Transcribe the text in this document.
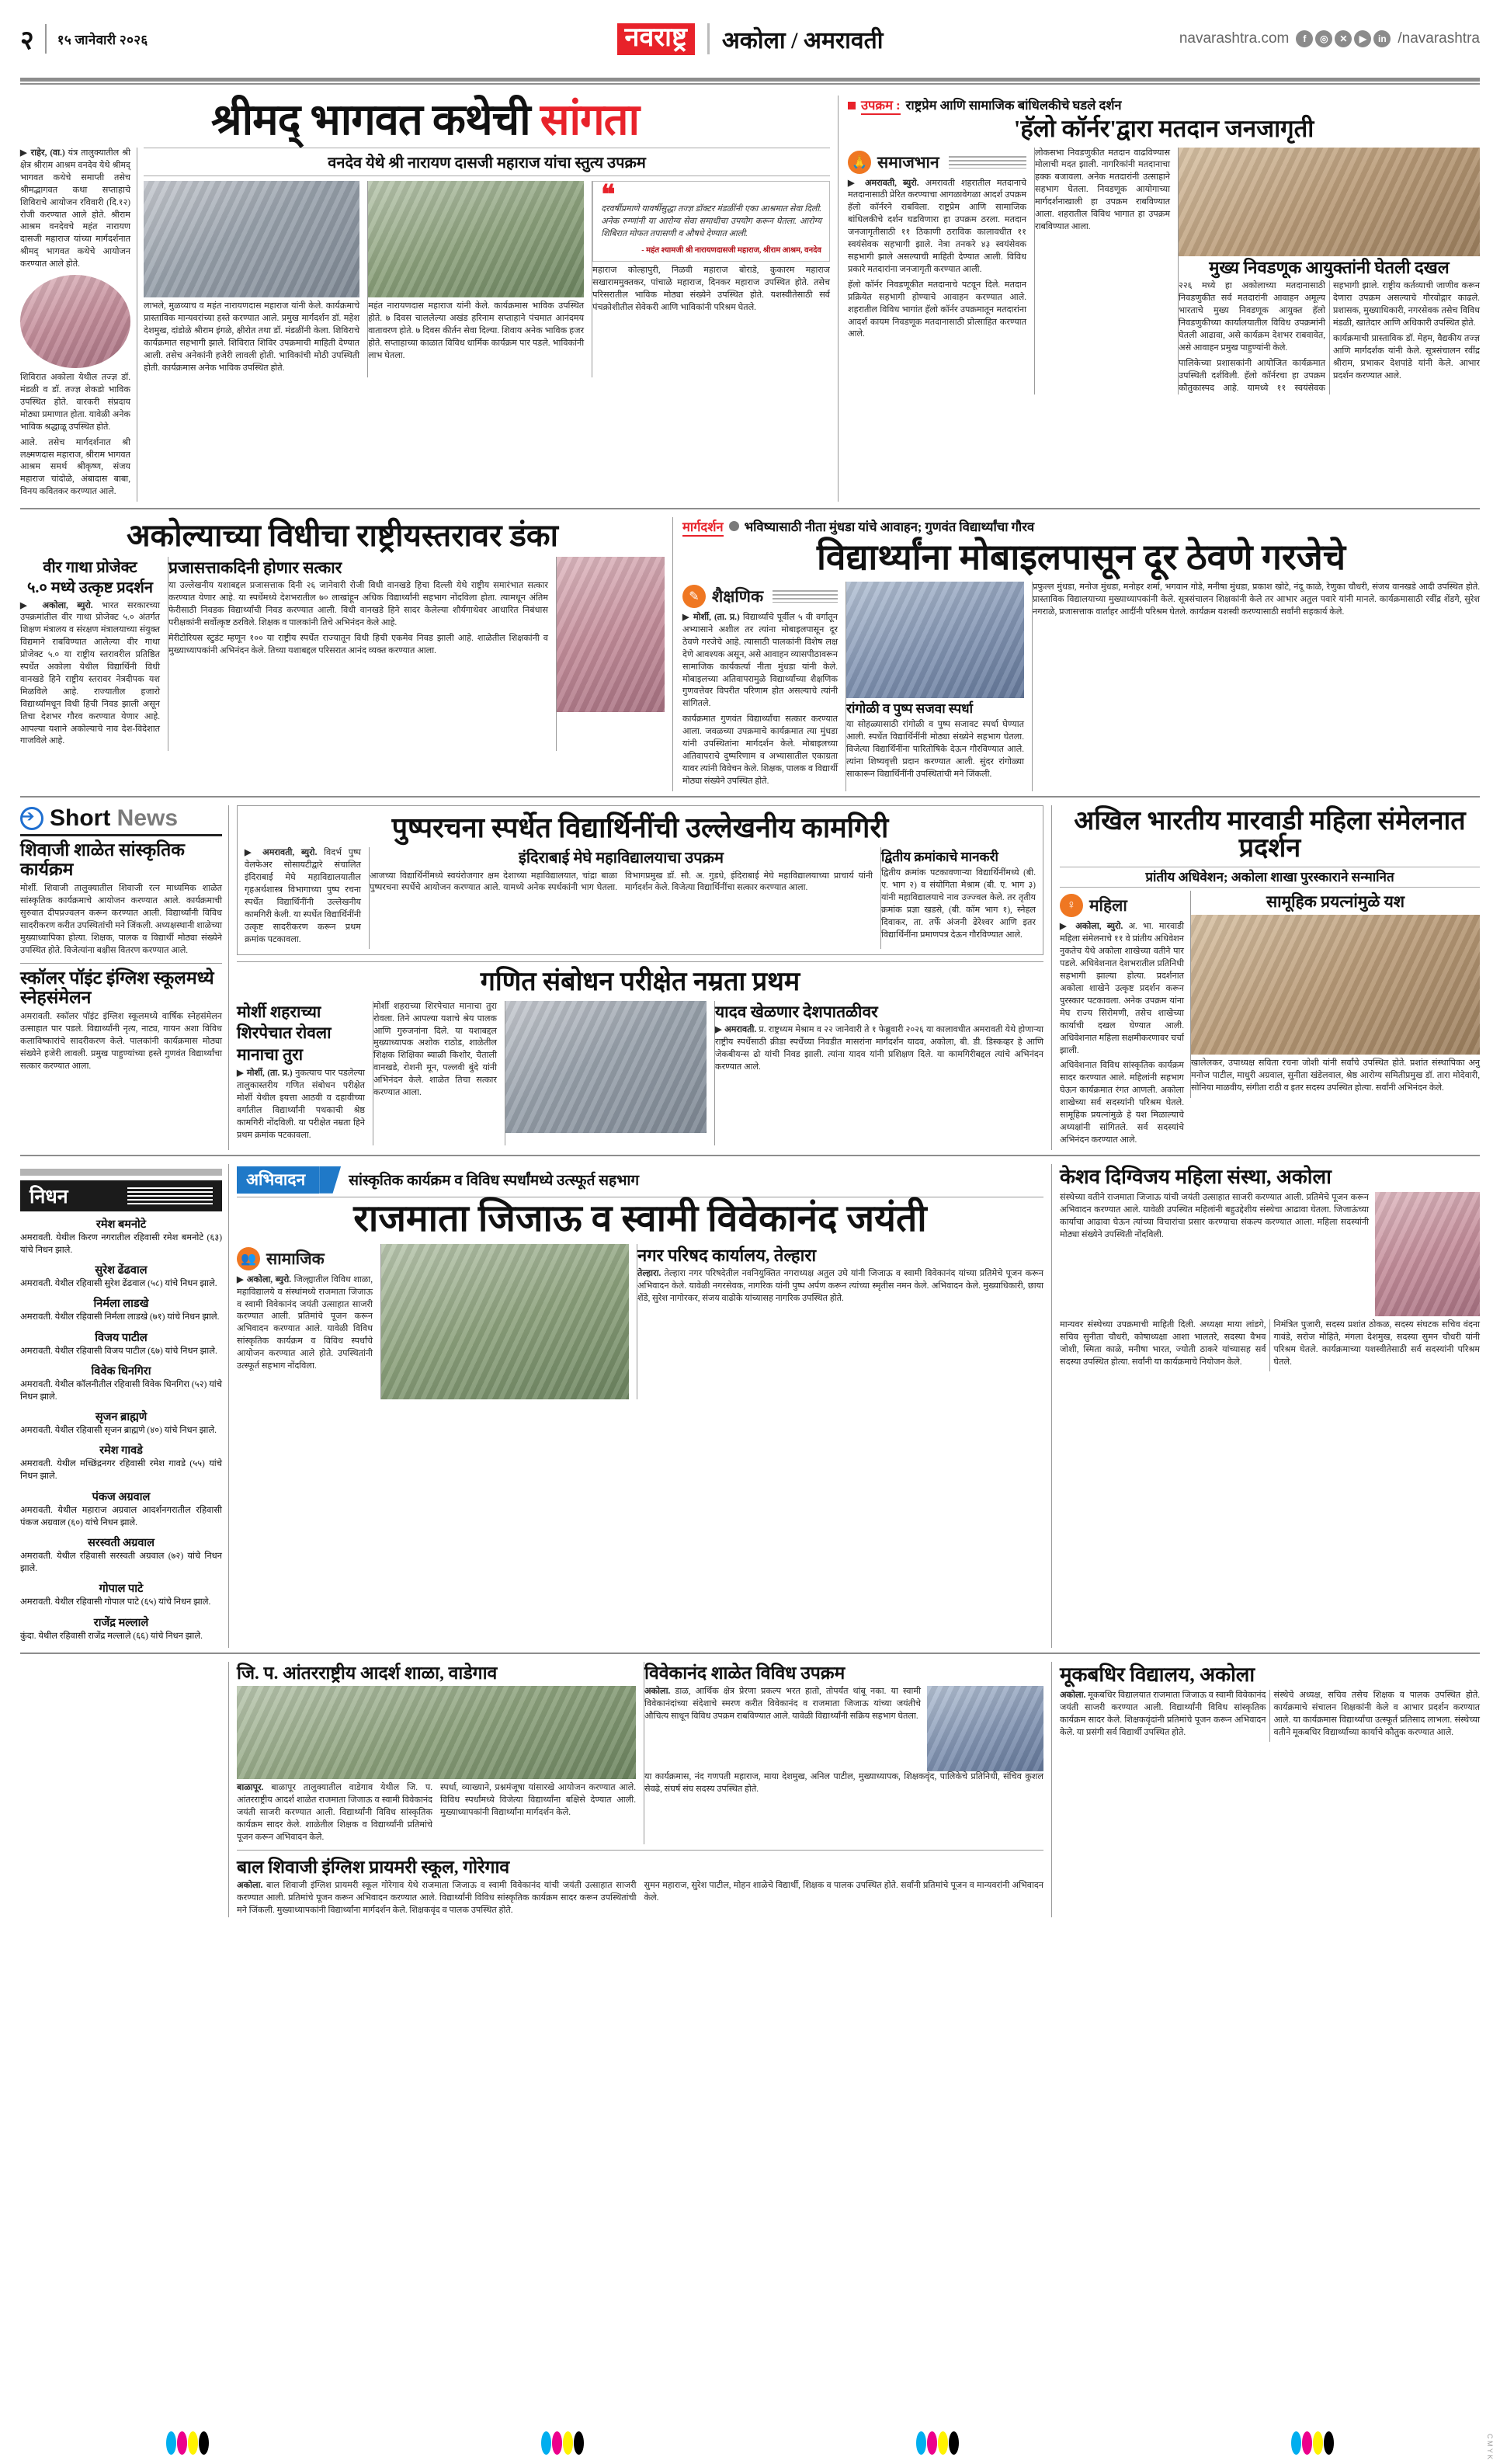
२ १५ जानेवारी २०२६	नवराष्ट्र	अकोला / अमरावती	navarashtra.com	f	◎	✕	▶	in /navarashtra
श्रीमद् भागवत कथेची सांगता

▶ राहेर, (वा.) यंत्र तालुक्यातील श्री क्षेत्र श्रीराम आश्रम वनदेव येथे श्रीमद् भागवत कथेचे समाप्ती तसेच श्रीमद्भागवत कथा सप्ताहाचे शिविराचे आयोजन रविवारी (दि.१२) रोजी करण्यात आले होते. श्रीराम आश्रम वनदेवचे महंत नारायण दासजी महाराज यांच्या मार्गदर्शनात श्रीमद् भागवत कथेचे आयोजन करण्यात आले होते.

शिविरात अकोला येथील तज्ज्ञ डॉ. मंडळी व डॉ. तज्ज्ञ शेकडो भाविक उपस्थित होते. वारकरी संप्रदाय मोठ्या प्रमाणात होता. यावेळी अनेक भाविक श्रद्धाळू उपस्थित होते.

आले. तसेच मार्गदर्शनात श्री लक्ष्मणदास महाराज, श्रीराम भागवत आश्रम समर्थ श्रीकृष्ण, संजय महाराज चांदोळे, अंबादास बाबा, विनय कवितकर करण्यात आले.

वनदेव येथे श्री नारायण दासजी महाराज यांचा स्तुत्य उपक्रम

लाभले, मुळव्याच व महंत नारायणदास महाराज यांनी केले. कार्यक्रमाचे प्रास्ताविक मान्यवरांच्या हस्ते करण्यात आले. प्रमुख मार्गदर्शन डॉ. महेश देशमुख, दांडोळे श्रीराम इंगळे, क्षीरोत तथा डॉ. मंडळींनी केला. शिविराचे कार्यक्रमात सहभागी झाले. शिविरात शिविर उपक्रमाची माहिती देण्यात आली. तसेच अनेकांनी हजेरी लावली होती. भाविकांची मोठी उपस्थिती होती. कार्यक्रमास अनेक भाविक उपस्थित होते.

महंत नारायणदास महाराज यांनी केले. कार्यक्रमास भाविक उपस्थित होते. ७ दिवस चाललेल्या अखंड हरिनाम सप्ताहाने पंचमात आनंदमय वातावरण होते. ७ दिवस कीर्तन सेवा दिल्या. शिवाय अनेक भाविक हजर होते. सप्ताहाच्या काळात विविध धार्मिक कार्यक्रम पार पडले. भाविकांनी लाभ घेतला.

❝
दरवर्षीप्रमाणे यावर्षीसुद्धा तज्ज्ञ डॉक्टर मंडळींनी एका आश्रमात सेवा दिली. अनेक रुग्णांनी या आरोग्य सेवा समाधीचा उपयोग करून घेतला. आरोग्य शिबिरात मोफत तपासणी व औषधे देण्यात आली.
- महंत श्यामजी श्री नारायणदासजी महाराज, श्रीराम आश्रम, वनदेव

महाराज कोल्हापुरी, निळवी महाराज बोराडे, कुकारम महाराज सखाराममुक्तकर, पांचाळे महाराज, दिनकर महाराज उपस्थित होते. तसेच परिसरातील भाविक मोठ्या संख्येने उपस्थित होते. यशस्वीतेसाठी सर्व पंचक्रोशीतील सेवेकरी आणि भाविकांनी परिश्रम घेतले.

उपक्रम : राष्ट्रप्रेम आणि सामाजिक बांधिलकीचे घडले दर्शन
'हॅलो कॉर्नर'द्वारा मतदान जनजागृती
🙏 समाजभान

▶ अमरावती, ब्युरो. अमरावती शहरातील मतदानाचे मतदानासाठी प्रेरित करण्याचा आगळावेगळा आदर्श उपक्रम हॅलो कॉर्नरने राबविला. राष्ट्रप्रेम आणि सामाजिक बांधिलकीचे दर्शन घडविणारा हा उपक्रम ठरला. मतदान जनजागृतीसाठी ११ ठिकाणी ठराविक कालावधीत ११ स्वयंसेवक सहभागी झाले. नेत्रा तनकरे ४३ स्वयंसेवक सहभागी झाले असल्याची माहिती देण्यात आली. विविध प्रकारे मतदारांना जनजागृती करण्यात आली.

हॅलो कॉर्नर निवडणूकीत मतदानाचे पटवून दिले. मतदान प्रक्रियेत सहभागी होण्याचे आवाहन करण्यात आले. शहरातील विविध भागांत हॅलो कॉर्नर उपक्रमातून मतदारांना आदर्श कायम निवडणूक मतदानासाठी प्रोत्साहित करण्यात आले.

लोकसभा निवडणुकीत मतदान वाढविण्यास मोलाची मदत झाली. नागरिकांनी मतदानाचा हक्क बजावला. अनेक मतदारांनी उत्साहाने सहभाग घेतला. निवडणूक आयोगाच्या मार्गदर्शनाखाली हा उपक्रम राबविण्यात आला. शहरातील विविध भागात हा उपक्रम राबविण्यात आला.

मुख्य निवडणूक आयुक्तांनी घेतली दखल

२२६ मध्ये हा अकोलाच्या मतदानासाठी निवडणुकीत सर्व मतदारांनी आवाहन अमूल्य भारताचे मुख्य निवडणूक आयुक्त हॅलो निवडणुकीच्या कार्यालयातील विविध उपक्रमांनी घेतली आढावा, असे कार्यक्रम देशभर राबवावेत, असे आवाहन प्रमुख पाहुण्यांनी केले.

पालिकेच्या प्रशासकांनी आयोजित कार्यक्रमात उपस्थिती दर्शविली. हॅलो कॉर्नरचा हा उपक्रम कौतुकास्पद आहे. यामध्ये ११ स्वयंसेवक सहभागी झाले. राष्ट्रीय कर्तव्याची जाणीव करून देणारा उपक्रम असल्याचे गौरवोद्गार काढले. प्रशासक, मुख्याधिकारी, नगरसेवक तसेच विविध मंडळी, खातेदार आणि अधिकारी उपस्थित होते.

कार्यक्रमाची प्रास्ताविक डॉ. मेहम, वैद्यकीय तज्ज्ञ आणि मार्गदर्शक यांनी केले. सूत्रसंचालन रवींद्र श्रीराम, प्रभाकर देशपांडे यांनी केले. आभार प्रदर्शन करण्यात आले.

अकोल्याच्या विधीचा राष्ट्रीयस्तरावर डंका
वीर गाथा प्रोजेक्ट
५.० मध्ये उत्कृष्ट प्रदर्शन

▶ अकोला, ब्युरो. भारत सरकारच्या उपक्रमांतील वीर गाथा प्रोजेक्ट ५.० अंतर्गत शिक्षण मंत्रालय व संरक्षण मंत्रालयाच्या संयुक्त विद्यमाने राबविण्यात आलेल्या वीर गाथा प्रोजेक्ट ५.० या राष्ट्रीय स्तरावरील प्रतिष्ठित स्पर्धेत अकोला येथील विद्यार्थिनी विधी वानखडे हिने राष्ट्रीय स्तरावर नेत्रदीपक यश मिळविले आहे. राज्यातील हजारो विद्यार्थ्यांमधून विधी हिची निवड झाली असून तिचा देशभर गौरव करण्यात येणार आहे. आपल्या यशाने अकोल्याचे नाव देश-विदेशात गाजविले आहे.

प्रजासत्ताकदिनी होणार सत्कार

या उल्लेखनीय यशाबद्दल प्रजासत्ताक दिनी २६ जानेवारी रोजी विधी वानखडे हिचा दिल्ली येथे राष्ट्रीय समारंभात सत्कार करण्यात येणार आहे. या स्पर्धेमध्ये देशभरातील ७० लाखांहून अधिक विद्यार्थ्यांनी सहभाग नोंदविला होता. त्यामधून अंतिम फेरीसाठी निवडक विद्यार्थ्यांची निवड करण्यात आली. विधी वानखडे हिने सादर केलेल्या शौर्यगाथेवर आधारित निबंधास परीक्षकांनी सर्वोत्कृष्ट ठरविले. शिक्षक व पालकांनी तिचे अभिनंदन केले आहे.

मेरीटोरियस स्टुडंट म्हणून १०० या राष्ट्रीय स्पर्धेत राज्यातून विधी हिची एकमेव निवड झाली आहे. शाळेतील शिक्षकांनी व मुख्याध्यापकांनी अभिनंदन केले. तिच्या यशाबद्दल परिसरात आनंद व्यक्त करण्यात आला.

मार्गदर्शन भविष्यासाठी नीता मुंधडा यांचे आवाहन; गुणवंत विद्यार्थ्यांचा गौरव
विद्यार्थ्यांना मोबाइलपासून दूर ठेवणे गरजेचे
✎ शैक्षणिक

▶ मोर्शी, (ता. प्र.) विद्यार्थ्यांचे पूर्वील ५ वी वर्गातून अभ्यासाने अशील तर त्यांना मोबाइलपासून दूर ठेवणे गरजेचे आहे. त्यासाठी पालकांनी विशेष लक्ष देणे आवश्यक असून, असे आवाहन व्यासपीठावरून सामाजिक कार्यकर्त्या नीता मुंधडा यांनी केले. मोबाइलच्या अतिवापरामुळे विद्यार्थ्यांच्या शैक्षणिक गुणवत्तेवर विपरीत परिणाम होत असल्याचे त्यांनी सांगितले.

कार्यक्रमात गुणवंत विद्यार्थ्यांचा सत्कार करण्यात आला. जवळच्या उपक्रमाचे कार्यक्रमात त्या मुंधडा यांनी उपस्थितांना मार्गदर्शन केले. मोबाइलच्या अतिवापराचे दुष्परिणाम व अभ्यासातील एकाग्रता यावर त्यांनी विवेचन केले. शिक्षक, पालक व विद्यार्थी मोठ्या संख्येने उपस्थित होते.

रांगोळी व पुष्प सजवा स्पर्धा

या सोहळ्यासाठी रांगोळी व पुष्प सजावट स्पर्धा घेण्यात आली. स्पर्धेत विद्यार्थिनींनी मोठ्या संख्येने सहभाग घेतला. विजेत्या विद्यार्थिनींना पारितोषिके देऊन गौरविण्यात आले. त्यांना शिष्यवृत्ती प्रदान करण्यात आली. सुंदर रांगोळ्या साकारून विद्यार्थिनींनी उपस्थितांची मने जिंकली.

प्रफुल्ल मुंधडा, मनोज मुंधडा, मनोहर शर्मा, भगवान गोडे, मनीषा मुंधडा, प्रकाश खोटे, नंदू काळे, रेणुका चौधरी, संजय वानखडे आदी उपस्थित होते. प्रास्ताविक विद्यालयाच्या मुख्याध्यापकांनी केले. सूत्रसंचालन शिक्षकांनी केले तर आभार अतुल पवारे यांनी मानले. कार्यक्रमासाठी रवींद्र शेंडगे, सुरेश नगराळे, प्रजासत्ताक वार्ताहर आदींनी परिश्रम घेतले. कार्यक्रम यशस्वी करण्यासाठी सर्वांनी सहकार्य केले.

➔
Short News
शिवाजी शाळेत सांस्कृतिक कार्यक्रम

मोर्शी. शिवाजी तालुक्यातील शिवाजी रत्न माध्यमिक शाळेत सांस्कृतिक कार्यक्रमाचे आयोजन करण्यात आले. कार्यक्रमाची सुरुवात दीपप्रज्वलन करून करण्यात आली. विद्यार्थ्यांनी विविध सादरीकरण करीत उपस्थितांची मने जिंकली. अध्यक्षस्थानी शाळेच्या मुख्याध्यापिका होत्या. शिक्षक, पालक व विद्यार्थी मोठ्या संख्येने उपस्थित होते. विजेत्यांना बक्षीस वितरण करण्यात आले.

स्कॉलर पॉइंट इंग्लिश स्कूलमध्ये स्नेहसंमेलन

अमरावती. स्कॉलर पॉइंट इंग्लिश स्कूलमध्ये वार्षिक स्नेहसंमेलन उत्साहात पार पडले. विद्यार्थ्यांनी नृत्य, नाट्य, गायन अशा विविध कलाविष्कारांचे सादरीकरण केले. पालकांनी कार्यक्रमास मोठ्या संख्येने हजेरी लावली. प्रमुख पाहुण्यांच्या हस्ते गुणवंत विद्यार्थ्यांचा सत्कार करण्यात आला.

पुष्परचना स्पर्धेत विद्यार्थिनींची उल्लेखनीय कामगिरी

▶ अमरावती, ब्युरो. विदर्भ पुष्प वेलफेअर सोसायटीद्वारे संचालित इंदिराबाई मेघे महाविद्यालयातील गृहअर्थशास्त्र विभागाच्या पुष्प रचना स्पर्धेत विद्यार्थिनींनी उल्लेखनीय कामगिरी केली. या स्पर्धेत विद्यार्थिनींनी उत्कृष्ट सादरीकरण करून प्रथम क्रमांक पटकावला.

इंदिराबाई मेघे महाविद्यालयाचा उपक्रम

आजच्या विद्यार्थिनींमध्ये स्वयंरोजगार क्षम देशाच्या महाविद्यालयात, चांद्रा बाळा पुष्परचना स्पर्धेचे आयोजन करण्यात आले. यामध्ये अनेक स्पर्धकांनी भाग घेतला. विभागप्रमुख डॉ. सौ. अ. गुडधे, इंदिराबाई मेघे महाविद्यालयाच्या प्राचार्य यांनी मार्गदर्शन केले. विजेत्या विद्यार्थिनींचा सत्कार करण्यात आला.

द्वितीय क्रमांकाचे मानकरी

द्वितीय क्रमांक पटकावणाऱ्या विद्यार्थिनींमध्ये (बी. ए. भाग २) व संयोगिता मेश्राम (बी. ए. भाग ३) यांनी महाविद्यालयाचे नाव उज्ज्वल केले. तर तृतीय क्रमांक प्रज्ञा खडसे, (बी. कॉम भाग १), स्नेहल दिवाकर, ता. तर्फे अंजनी ढेरेश्वर आणि इतर विद्यार्थिनींना प्रमाणपत्र देऊन गौरविण्यात आले.

गणित संबोधन परीक्षेत नम्रता प्रथम
मोर्शी शहराच्या
शिरपेचात रोवला
मानाचा तुरा

▶ मोर्शी, (ता. प्र.) नुकत्याच पार पडलेल्या तालुकास्तरीय गणित संबोधन परीक्षेत मोर्शी येथील इयत्ता आठवी व दहावीच्या वर्गातील विद्यार्थ्यांनी पथकाची श्रेष्ठ कामगिरी नोंदविली. या परीक्षेत नम्रता हिने प्रथम क्रमांक पटकावला.

मोर्शी शहराच्या शिरपेचात मानाचा तुरा रोवला. तिने आपल्या यशाचे श्रेय पालक आणि गुरुजनांना दिले. या यशाबद्दल मुख्याध्यापक अशोक राठोड, शाळेतील शिक्षक शिक्षिका ब्याळी किशोर, चैताली वानखडे, रोशनी मून, पल्लवी बुंदे यांनी अभिनंदन केले. शाळेत तिचा सत्कार करण्यात आला.

यादव खेळणार देशपातळीवर

▶ अमरावती. प्र. राष्ट्रध्यम मेश्राम व २२ जानेवारी ते १ फेब्रुवारी २०२६ या कालावधीत अमरावती येथे होणाऱ्या राष्ट्रीय स्पर्धेसाठी क्रीडा स्पर्धेच्या निवडीत मासरांना मार्गदर्शन यादव, अकोला, बी. डी. डिस्कव्हर हे आणि जेकबीयन्स ढो यांची निवड झाली. त्यांना यादव यांनी प्रशिक्षण दिले. या कामगिरीबद्दल त्यांचे अभिनंदन करण्यात आले.

अखिल भारतीय मारवाडी महिला संमेलनात प्रदर्शन
प्रांतीय अधिवेशन; अकोला शाखा पुरस्काराने सन्मानित
♀ महिला

▶ अकोला, ब्युरो. अ. भा. मारवाडी महिला संमेलनाचे ११ वे प्रांतीय अधिवेशन नुकतेच येथे अकोला शाखेच्या वतीने पार पडले. अधिवेशनात देशभरातील प्रतिनिधी सहभागी झाल्या होत्या. प्रदर्शनात अकोला शाखेने उत्कृष्ट प्रदर्शन करून पुरस्कार पटकावला. अनेक उपक्रम यांना मेघ राज्य सिरोमणी, तसेच शाखेच्या कार्याची दखल घेण्यात आली. अधिवेशनात महिला सक्षमीकरणावर चर्चा झाली.

अधिवेशनात विविध सांस्कृतिक कार्यक्रम सादर करण्यात आले. महिलांनी सहभाग घेऊन कार्यक्रमात रंगत आणली. अकोला शाखेच्या सर्व सदस्यांनी परिश्रम घेतले. सामूहिक प्रयत्नांमुळे हे यश मिळाल्याचे अध्यक्षांनी सांगितले. सर्व सदस्यांचे अभिनंदन करण्यात आले.

सामूहिक प्रयत्नांमुळे यश

खालेलकर, उपाध्यक्ष सविता रचना जोशी यांनी सर्वांचे उपस्थित होते. प्रशांत संस्थापिका अनु मनोज पाटील, माधुरी अग्रवाल, सुनीता खंडेलवाल, श्रेष्ठ आरोग्य समितीप्रमुख डॉ. तारा मोदेवारी, सोनिया माळवीय, संगीता राठी व इतर सदस्य उपस्थित होत्या. सर्वांनी अभिनंदन केले.

निधन
रमेश बमनोटे
अमरावती. येथील किरण नगरातील रहिवासी रमेश बमनोटे (६३) यांचे निधन झाले.
सुरेश ढेंढवाल
अमरावती. येथील रहिवासी सुरेश ढेंढवाल (५८) यांचे निधन झाले.
निर्मला लाडखे
अमरावती. येथील रहिवासी निर्मला लाडखे (७१) यांचे निधन झाले.
विजय पाटील
अमरावती. येथील रहिवासी विजय पाटील (६७) यांचे निधन झाले.
विवेक धिनगिरा
अमरावती. येथील कॉलनीतील रहिवासी विवेक धिनगिरा (५२) यांचे निधन झाले.
सृजन ब्राह्मणे
अमरावती. येथील रहिवासी सृजन ब्राह्मणे (४०) यांचे निधन झाले.
रमेश गावडे
अमरावती. येथील मच्छिंद्रनगर रहिवासी रमेश गावडे (५५) यांचे निधन झाले.
पंकज अग्रवाल
अमरावती. येथील महाराज अग्रवाल आदर्शनगरातील रहिवासी पंकज अग्रवाल (६०) यांचे निधन झाले.
सरस्वती अग्रवाल
अमरावती. येथील रहिवासी सरस्वती अग्रवाल (७२) यांचे निधन झाले.
गोपाल पाटे
अमरावती. येथील रहिवासी गोपाल पाटे (६५) यांचे निधन झाले.
राजेंद्र मल्लाले
कुंदा. येथील रहिवासी राजेंद्र मल्लाले (६६) यांचे निधन झाले.
अभिवादन	सांस्कृतिक कार्यक्रम व विविध स्पर्धांमध्ये उत्स्फूर्त सहभाग
राजमाता जिजाऊ व स्वामी विवेकानंद जयंती
👥 सामाजिक

▶ अकोला, ब्युरो. जिल्ह्यातील विविध शाळा, महाविद्यालये व संस्थांमध्ये राजमाता जिजाऊ व स्वामी विवेकानंद जयंती उत्साहात साजरी करण्यात आली. प्रतिमांचे पूजन करून अभिवादन करण्यात आले. यावेळी विविध सांस्कृतिक कार्यक्रम व विविध स्पर्धांचे आयोजन करण्यात आले होते. उपस्थितांनी उत्स्फूर्त सहभाग नोंदविला.

नगर परिषद कार्यालय, तेल्हारा

तेल्हारा. तेल्हारा नगर परिषदेतील नवनियुक्तित नगराध्यक्ष अतुल उघे यांनी जिजाऊ व स्वामी विवेकानंद यांच्या प्रतिमेचे पूजन करून अभिवादन केले. यावेळी नगरसेवक, नागरिक यांनी पुष्प अर्पण करून त्यांच्या स्मृतीस नमन केले. अभिवादन केले. मुख्याधिकारी, छाया शेंडे, सुरेश नागोरकर, संजय वाढोके यांच्यासह नागरिक उपस्थित होते.

केशव दिग्विजय महिला संस्था, अकोला

संस्थेच्या वतीने राजमाता जिजाऊ यांची जयंती उत्साहात साजरी करण्यात आली. प्रतिमेचे पूजन करून अभिवादन करण्यात आले. यावेळी उपस्थित महिलांनी बहुउद्देशीय संस्थेचा आढावा घेतला. जिजाऊंच्या कार्याचा आढावा घेऊन त्यांच्या विचारांचा प्रसार करण्याचा संकल्प करण्यात आला. महिला सदस्यांनी मोठ्या संख्येने उपस्थिती नोंदविली.

मान्यवर संस्थेच्या उपक्रमाची माहिती दिली. अध्यक्षा माया लांडगे, सचिव सुनीता चौधरी, कोषाध्यक्षा आशा भालतरे, सदस्या वैभव जोशी, स्मिता काळे, मनीषा भारत, ज्योती ठाकरे यांच्यासह सर्व सदस्या उपस्थित होत्या. सर्वांनी या कार्यक्रमाचे नियोजन केले.

निमंत्रित पुजारी, सदस्य प्रशांत ठोकळ, सदस्य संघटक सचिव वंदना गावंडे, सरोज मोहिते, मंगला देशमुख, सदस्या सुमन चौधरी यांनी परिश्रम घेतले. कार्यक्रमाच्या यशस्वीतेसाठी सर्व सदस्यांनी परिश्रम घेतले.

जि. प. आंतरराष्ट्रीय आदर्श शाळा, वाडेगाव

बाळापूर. बाळापूर तालुक्यातील वाडेगाव येथील जि. प. आंतरराष्ट्रीय आदर्श शाळेत राजमाता जिजाऊ व स्वामी विवेकानंद जयंती साजरी करण्यात आली. विद्यार्थ्यांनी विविध सांस्कृतिक कार्यक्रम सादर केले. शाळेतील शिक्षक व विद्यार्थ्यांनी प्रतिमांचे पूजन करून अभिवादन केले.

स्पर्धा, व्याख्याने, प्रश्नमंजूषा यांसारखे आयोजन करण्यात आले. विविध स्पर्धांमध्ये विजेत्या विद्यार्थ्यांना बक्षिसे देण्यात आली. मुख्याध्यापकांनी विद्यार्थ्यांना मार्गदर्शन केले.

विवेकानंद शाळेत विविध उपक्रम

अकोला. डाळ, आर्थिक क्षेत्र प्रेरणा प्रकल्प भरत हातो, तोपर्यंत थांबू नका. या स्वामी विवेकानंदांच्या संदेशाचे स्मरण करीत विवेकानंद व राजमाता जिजाऊ यांच्या जयंतीचे औचित्य साधून विविध उपक्रम राबविण्यात आले. यावेळी विद्यार्थ्यांनी सक्रिय सहभाग घेतला.

या कार्यक्रमास, नंद गणपती महाराज, माया देशमुख, अनिल पाटील, मुख्याध्यापक, शिक्षकवृंद, पालिकेचे प्रतिनिधी, संचिव कुशल सेवढे, संघर्ष संघ सदस्य उपस्थित होते.

बाल शिवाजी इंग्लिश प्रायमरी स्कूल, गोरेगाव

अकोला. बाल शिवाजी इंग्लिश प्रायमरी स्कूल गोरेगाव येथे राजमाता जिजाऊ व स्वामी विवेकानंद यांची जयंती उत्साहात साजरी करण्यात आली. प्रतिमांचे पूजन करून अभिवादन करण्यात आले. विद्यार्थ्यांनी विविध सांस्कृतिक कार्यक्रम सादर करून उपस्थितांची मने जिंकली. मुख्याध्यापकांनी विद्यार्थ्यांना मार्गदर्शन केले. शिक्षकवृंद व पालक उपस्थित होते.

सुमन महाराज, सुरेश पाटील, मोहन शाळेचे विद्यार्थी, शिक्षक व पालक उपस्थित होते. सर्वांनी प्रतिमांचे पूजन व मान्यवरांनी अभिवादन केले.

मूकबधिर विद्यालय, अकोला

अकोला. मूकबधिर विद्यालयात राजमाता जिजाऊ व स्वामी विवेकानंद जयंती साजरी करण्यात आली. विद्यार्थ्यांनी विविध सांस्कृतिक कार्यक्रम सादर केले. शिक्षकवृंदांनी प्रतिमांचे पूजन करून अभिवादन केले. या प्रसंगी सर्व विद्यार्थी उपस्थित होते.

संस्थेचे अध्यक्ष, सचिव तसेच शिक्षक व पालक उपस्थित होते. कार्यक्रमाचे संचालन शिक्षकांनी केले व आभार प्रदर्शन करण्यात आले. या कार्यक्रमास विद्यार्थ्यांचा उत्स्फूर्त प्रतिसाद लाभला. संस्थेच्या वतीने मूकबधिर विद्यार्थ्यांच्या कार्याचे कौतुक करण्यात आले.

C M Y K
